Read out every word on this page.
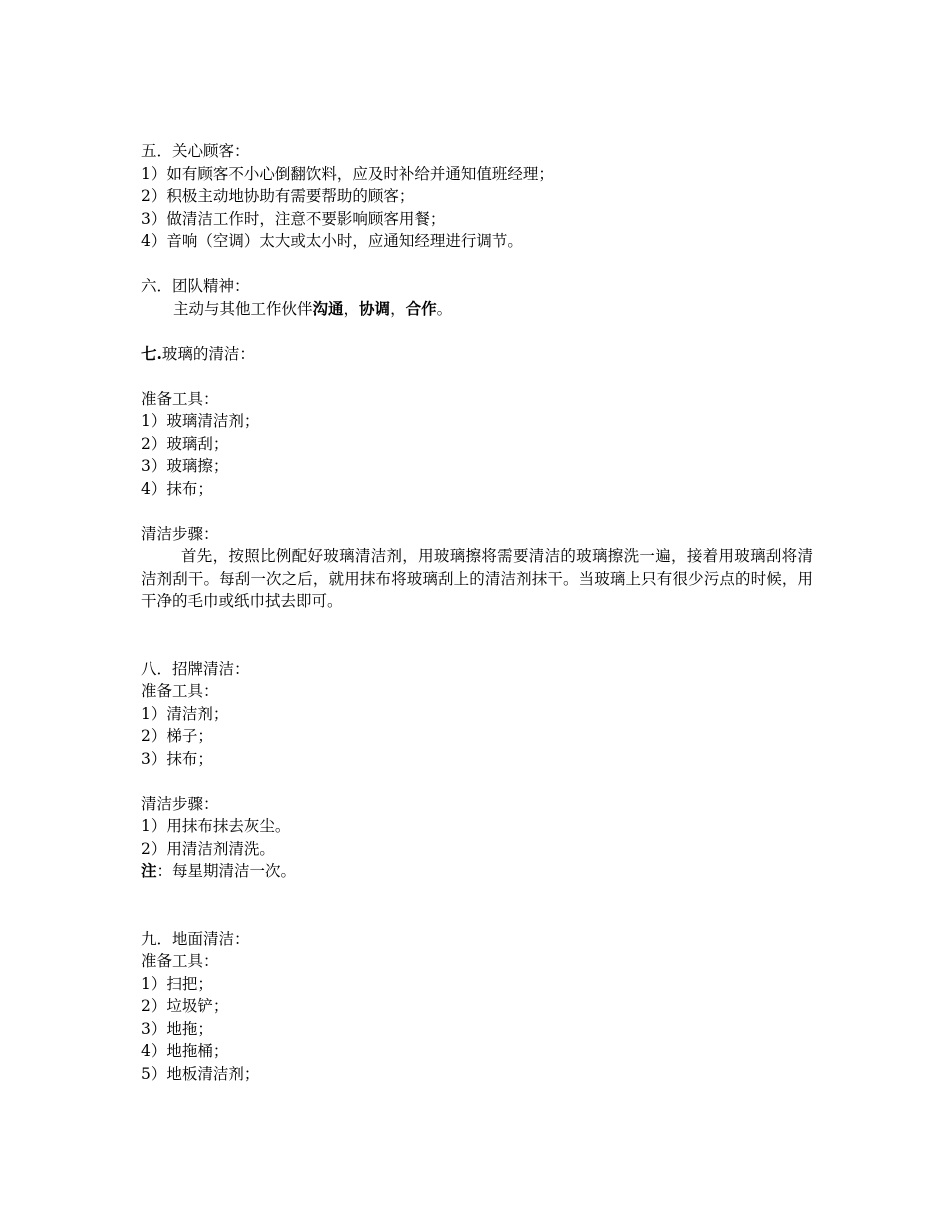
五．关心顾客：
1）如有顾客不小心倒翻饮料，应及时补给并通知值班经理；
2）积极主动地协助有需要帮助的顾客；
3）做清洁工作时，注意不要影响顾客用餐；
4）音响（空调）太大或太小时，应通知经理进行调节。
六．团队精神：
主动与其他工作伙伴沟通，协调，合作。
七.玻璃的清洁：
准备工具：
1）玻璃清洁剂；
2）玻璃刮；
3）玻璃擦；
4）抹布；
清洁步骤：
首先，按照比例配好玻璃清洁剂，用玻璃擦将需要清洁的玻璃擦洗一遍，接着用玻璃刮将清洁剂刮干。每刮一次之后，就用抹布将玻璃刮上的清洁剂抹干。当玻璃上只有很少污点的时候，用干净的毛巾或纸巾拭去即可。
八．招牌清洁：
准备工具：
1）清洁剂；
2）梯子；
3）抹布；
清洁步骤：
1）用抹布抹去灰尘。
2）用清洁剂清洗。
注：每星期清洁一次。
九．地面清洁：
准备工具：
1）扫把；
2）垃圾铲；
3）地拖；
4）地拖桶；
5）地板清洁剂；
